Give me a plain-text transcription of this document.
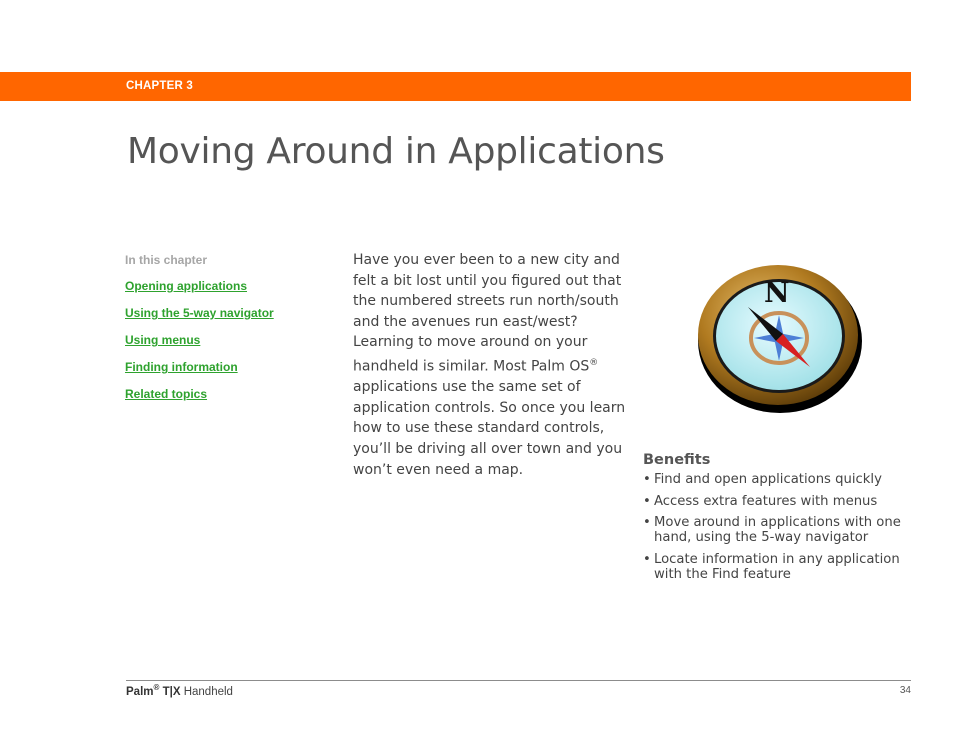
CHAPTER 3
Moving Around in Applications

In this chapter

Opening applications
Using the 5-way navigator
Using menus
Finding information
Related topics

Have you ever been to a new city and felt a bit lost until you figured out that the numbered streets run north/south and the avenues run east/west? Learning to move around on your handheld is similar. Most Palm OS® applications use the same set of application controls. So once you learn how to use these standard controls, you’ll be driving all over town and you won’t even need a map.

N

Benefits

• Find and open applications quickly
• Access extra features with menus
• Move around in applications with one hand, using the 5-way navigator
• Locate information in any application with the Find feature
Palm® T|X Handheld	34
